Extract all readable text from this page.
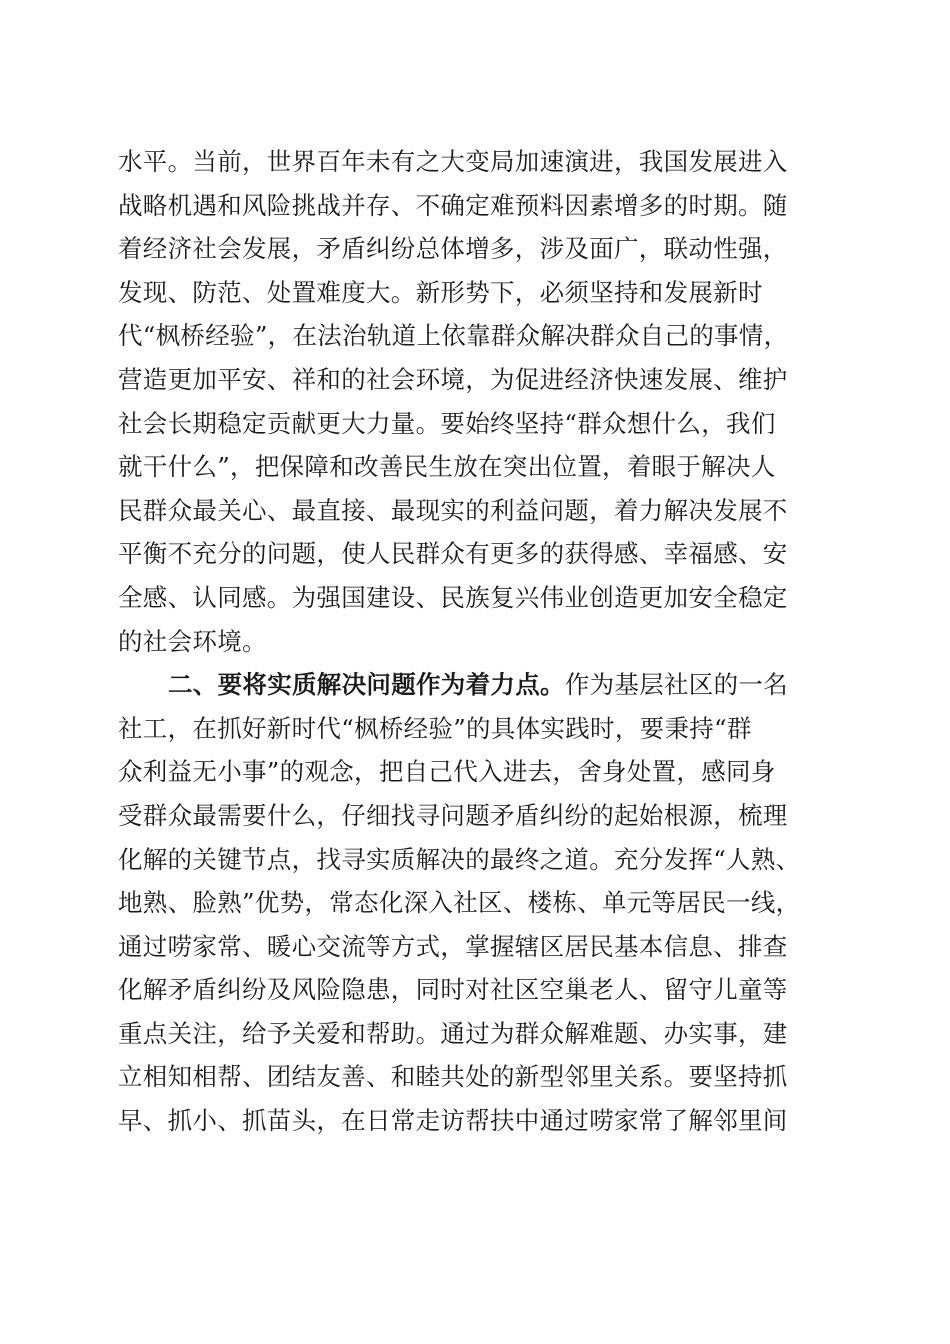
水平。当前，世界百年未有之大变局加速演进，我国发展进入
战略机遇和风险挑战并存、不确定难预料因素增多的时期。随
着经济社会发展，矛盾纠纷总体增多，涉及面广，联动性强，
发现、防范、处置难度大。新形势下，必须坚持和发展新时
代“枫桥经验”，在法治轨道上依靠群众解决群众自己的事情，
营造更加平安、祥和的社会环境，为促进经济快速发展、维护
社会长期稳定贡献更大力量。要始终坚持“群众想什么，我们
就干什么”，把保障和改善民生放在突出位置，着眼于解决人
民群众最关心、最直接、最现实的利益问题，着力解决发展不
平衡不充分的问题，使人民群众有更多的获得感、幸福感、安
全感、认同感。为强国建设、民族复兴伟业创造更加安全稳定
的社会环境。
二、要将实质解决问题作为着力点。作为基层社区的一名
社工，在抓好新时代“枫桥经验”的具体实践时，要秉持“群
众利益无小事”的观念，把自己代入进去，舍身处置，感同身
受群众最需要什么，仔细找寻问题矛盾纠纷的起始根源，梳理
化解的关键节点，找寻实质解决的最终之道。充分发挥“人熟、
地熟、脸熟”优势，常态化深入社区、楼栋、单元等居民一线，
通过唠家常、暖心交流等方式，掌握辖区居民基本信息、排查
化解矛盾纠纷及风险隐患，同时对社区空巢老人、留守儿童等
重点关注，给予关爱和帮助。通过为群众解难题、办实事，建
立相知相帮、团结友善、和睦共处的新型邻里关系。要坚持抓
早、抓小、抓苗头，在日常走访帮扶中通过唠家常了解邻里间
